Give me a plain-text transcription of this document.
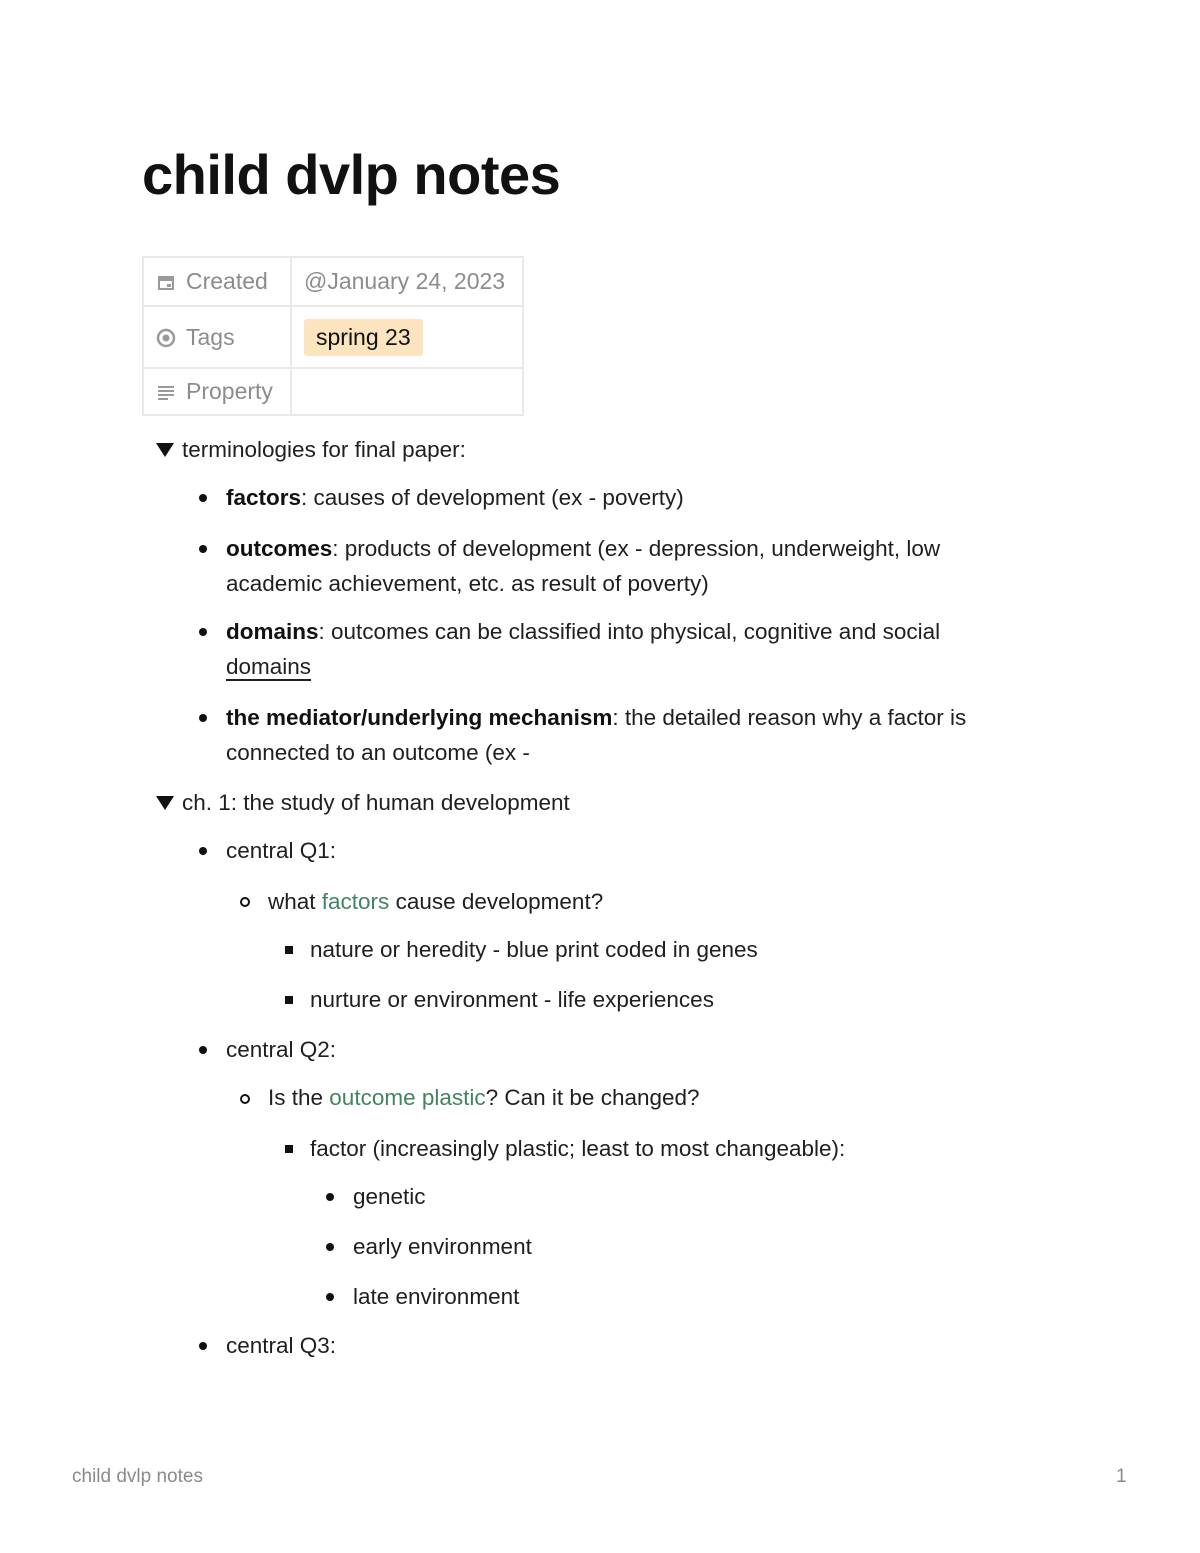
child dvlp notes
Created	@January 24, 2023
Tags	spring 23
Property	
terminologies for final paper:
factors: causes of development (ex - poverty)
outcomes: products of development (ex - depression, underweight, low
academic achievement, etc. as result of poverty)
domains: outcomes can be classified into physical, cognitive and social
domains
the mediator/underlying mechanism: the detailed reason why a factor is
connected to an outcome (ex -
ch. 1: the study of human development
central Q1:
what factors cause development?
nature or heredity - blue print coded in genes
nurture or environment - life experiences
central Q2:
Is the outcome plastic? Can it be changed?
factor (increasingly plastic; least to most changeable):
genetic
early environment
late environment
central Q3:
child dvlp notes	1
